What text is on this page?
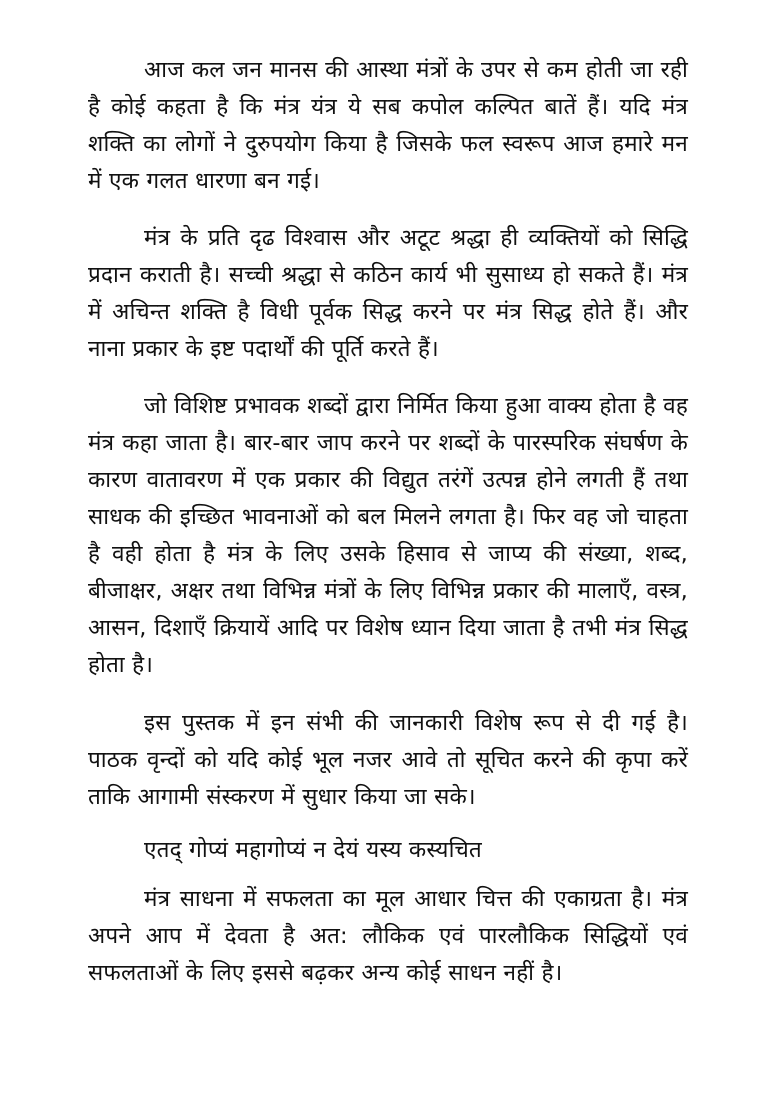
आज कल जन मानस की आस्था मंत्रों के उपर से कम होती जा रही है कोई कहता है कि मंत्र यंत्र ये सब कपोल कल्पित बातें हैं। यदि मंत्र शक्ति का लोगों ने दुरुपयोग किया है जिसके फल स्वरूप आज हमारे मन में एक गलत धारणा बन गई।

मंत्र के प्रति दृढ विश्वास और अटूट श्रद्धा ही व्यक्तियों को सिद्धि प्रदान कराती है। सच्ची श्रद्धा से कठिन कार्य भी सुसाध्य हो सकते हैं। मंत्र में अचिन्त शक्ति है विधी पूर्वक सिद्ध करने पर मंत्र सिद्ध होते हैं। और नाना प्रकार के इष्ट पदार्थों की पूर्ति करते हैं।

जो विशिष्ट प्रभावक शब्दों द्वारा निर्मित किया हुआ वाक्य होता है वह मंत्र कहा जाता है। बार-बार जाप करने पर शब्दों के पारस्परिक संघर्षण के कारण वातावरण में एक प्रकार की विद्युत तरंगें उत्पन्न होने लगती हैं तथा साधक की इच्छित भावनाओं को बल मिलने लगता है। फिर वह जो चाहता है वही होता है मंत्र के लिए उसके हिसाव से जाप्य की संख्या, शब्द, बीजाक्षर, अक्षर तथा विभिन्न मंत्रों के लिए विभिन्न प्रकार की मालाएँ, वस्त्र, आसन, दिशाएँ क्रियायें आदि पर विशेष ध्यान दिया जाता है तभी मंत्र सिद्ध होता है।

इस पुस्तक में इन संभी की जानकारी विशेष रूप से दी गई है। पाठक वृन्दों को यदि कोई भूल नजर आवे तो सूचित करने की कृपा करें ताकि आगामी संस्करण में सुधार किया जा सके।

एतद् गोप्यं महागोप्यं न देयं यस्य कस्यचित

मंत्र साधना में सफलता का मूल आधार चित्त की एकाग्रता है। मंत्र अपने आप में देवता है अत: लौकिक एवं पारलौकिक सिद्धियों एवं सफलताओं के लिए इससे बढ़कर अन्य कोई साधन नहीं है।
